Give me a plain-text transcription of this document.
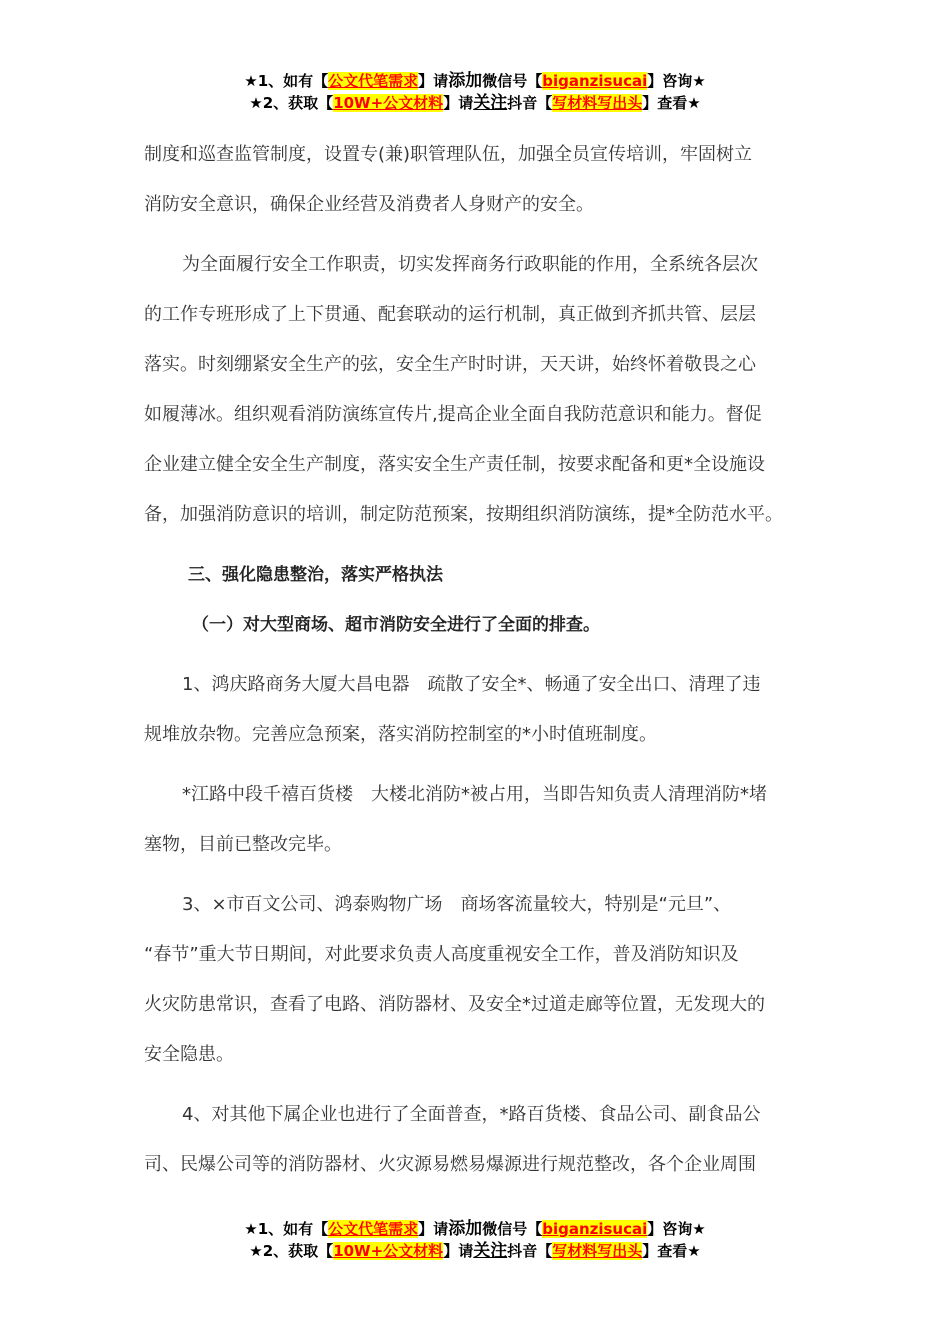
★1、如有【公文代笔需求】请添加微信号【biganzisucai】咨询★
★2、获取【10W+公文材料】请关注抖音【写材料写出头】查看★
制度和巡查监管制度，设置专(兼)职管理队伍，加强全员宣传培训，牢固树立
消防安全意识，确保企业经营及消费者人身财产的安全。
为全面履行安全工作职责，切实发挥商务行政职能的作用，全系统各层次
的工作专班形成了上下贯通、配套联动的运行机制，真正做到齐抓共管、层层
落实。时刻绷紧安全生产的弦，安全生产时时讲，天天讲，始终怀着敬畏之心
如履薄冰。组织观看消防演练宣传片,提高企业全面自我防范意识和能力。督促
企业建立健全安全生产制度，落实安全生产责任制，按要求配备和更*全设施设
备，加强消防意识的培训，制定防范预案，按期组织消防演练，提*全防范水平。
三、强化隐患整治，落实严格执法
（一）对大型商场、超市消防安全进行了全面的排查。
1、鸿庆路商务大厦大昌电器　疏散了安全*、畅通了安全出口、清理了违
规堆放杂物。完善应急预案，落实消防控制室的*小时值班制度。
*江路中段千禧百货楼　大楼北消防*被占用，当即告知负责人清理消防*堵
塞物，目前已整改完毕。
3、×市百文公司、鸿泰购物广场　商场客流量较大，特别是“元旦”、
“春节”重大节日期间，对此要求负责人高度重视安全工作，普及消防知识及
火灾防患常识，查看了电路、消防器材、及安全*过道走廊等位置，无发现大的
安全隐患。
4、对其他下属企业也进行了全面普查，*路百货楼、食品公司、副食品公
司、民爆公司等的消防器材、火灾源易燃易爆源进行规范整改，各个企业周围
★1、如有【公文代笔需求】请添加微信号【biganzisucai】咨询★
★2、获取【10W+公文材料】请关注抖音【写材料写出头】查看★
